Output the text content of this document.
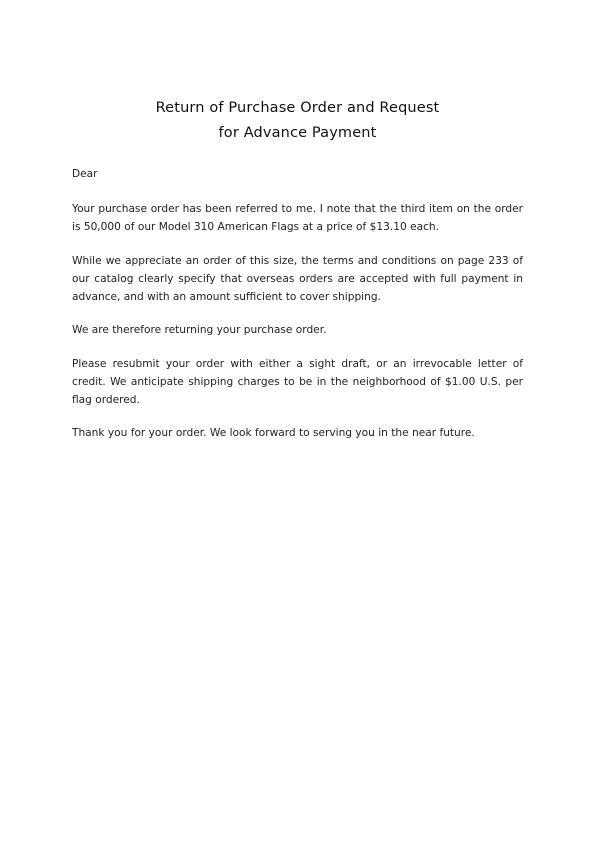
Return of Purchase Order and Request
for Advance Payment
Dear

Your purchase order has been referred to me. I note that the third item on the order is 50,000 of our Model 310 American Flags at a price of $13.10 each.

While we appreciate an order of this size, the terms and conditions on page 233 of our catalog clearly specify that overseas orders are accepted with full payment in advance, and with an amount sufficient to cover shipping.

We are therefore returning your purchase order.

Please resubmit your order with either a sight draft, or an irrevocable letter of credit. We anticipate shipping charges to be in the neighborhood of $1.00 U.S. per flag ordered.

Thank you for your order. We look forward to serving you in the near future.
